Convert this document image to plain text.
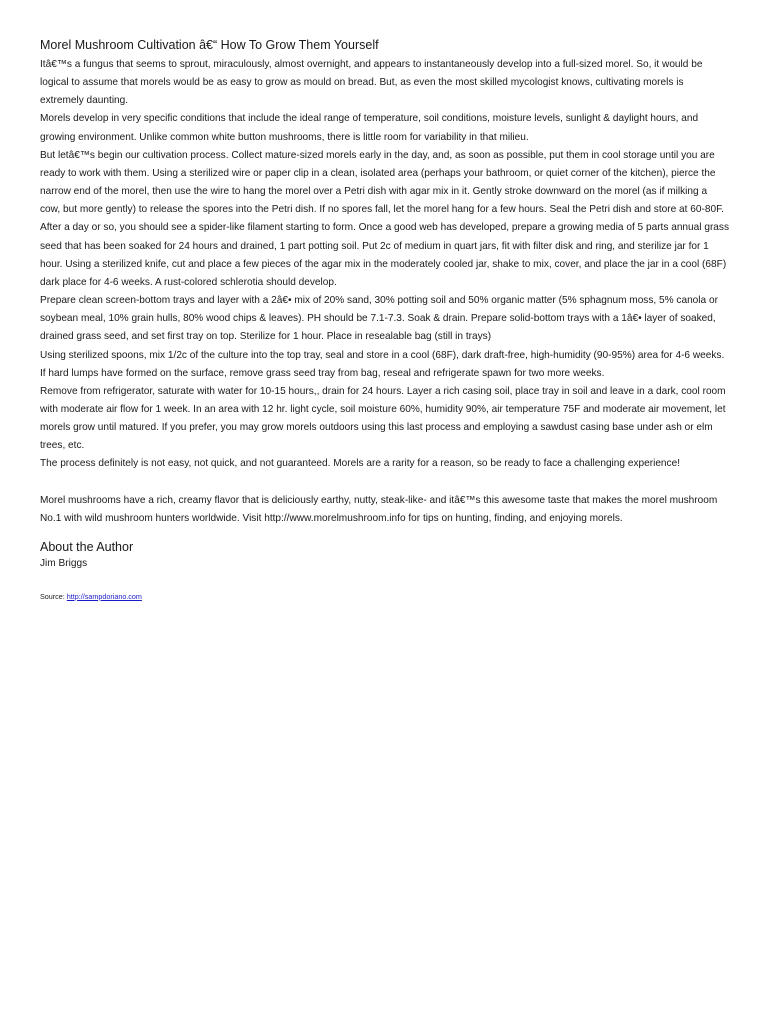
Morel Mushroom Cultivation â€“ How To Grow Them Yourself

Itâ€™s a fungus that seems to sprout, miraculously, almost overnight, and appears to instantaneously develop into a full-sized morel. So, it would be logical to assume that morels would be as easy to grow as mould on bread. But, as even the most skilled mycologist knows, cultivating morels is extremely daunting.

Morels develop in very specific conditions that include the ideal range of temperature, soil conditions, moisture levels, sunlight & daylight hours, and growing environment. Unlike common white button mushrooms, there is little room for variability in that milieu.

But letâ€™s begin our cultivation process. Collect mature-sized morels early in the day, and, as soon as possible, put them in cool storage until you are ready to work with them. Using a sterilized wire or paper clip in a clean, isolated area (perhaps your bathroom, or quiet corner of the kitchen), pierce the narrow end of the morel, then use the wire to hang the morel over a Petri dish with agar mix in it. Gently stroke downward on the morel (as if milking a cow, but more gently) to release the spores into the Petri dish. If no spores fall, let the morel hang for a few hours. Seal the Petri dish and store at 60-80F.

After a day or so, you should see a spider-like filament starting to form. Once a good web has developed, prepare a growing media of 5 parts annual grass seed that has been soaked for 24 hours and drained, 1 part potting soil. Put 2c of medium in quart jars, fit with filter disk and ring, and sterilize jar for 1 hour. Using a sterilized knife, cut and place a few pieces of the agar mix in the moderately cooled jar, shake to mix, cover, and place the jar in a cool (68F) dark place for 4-6 weeks. A rust-colored schlerotia should develop.

Prepare clean screen-bottom trays and layer with a 2â€• mix of 20% sand, 30% potting soil and 50% organic matter (5% sphagnum moss, 5% canola or soybean meal, 10% grain hulls, 80% wood chips & leaves). PH should be 7.1-7.3. Soak & drain. Prepare solid-bottom trays with a 1â€• layer of soaked, drained grass seed, and set first tray on top. Sterilize for 1 hour. Place in resealable bag (still in trays)

Using sterilized spoons, mix 1/2c of the culture into the top tray, seal and store in a cool (68F), dark draft-free, high-humidity (90-95%) area for 4-6 weeks. If hard lumps have formed on the surface, remove grass seed tray from bag, reseal and refrigerate spawn for two more weeks.

Remove from refrigerator, saturate with water for 10-15 hours,, drain for 24 hours. Layer a rich casing soil, place tray in soil and leave in a dark, cool room with moderate air flow for 1 week. In an area with 12 hr. light cycle, soil moisture 60%, humidity 90%, air temperature 75F and moderate air movement, let morels grow until matured. If you prefer, you may grow morels outdoors using this last process and employing a sawdust casing base under ash or elm trees, etc.

The process definitely is not easy, not quick, and not guaranteed. Morels are a rarity for a reason, so be ready to face a challenging experience!

Morel mushrooms have a rich, creamy flavor that is deliciously earthy, nutty, steak-like- and itâ€™s this awesome taste that makes the morel mushroom No.1 with wild mushroom hunters worldwide. Visit http://www.morelmushroom.info for tips on hunting, finding, and enjoying morels.

About the Author

Jim Briggs

Source: http://sampdoriano.com
